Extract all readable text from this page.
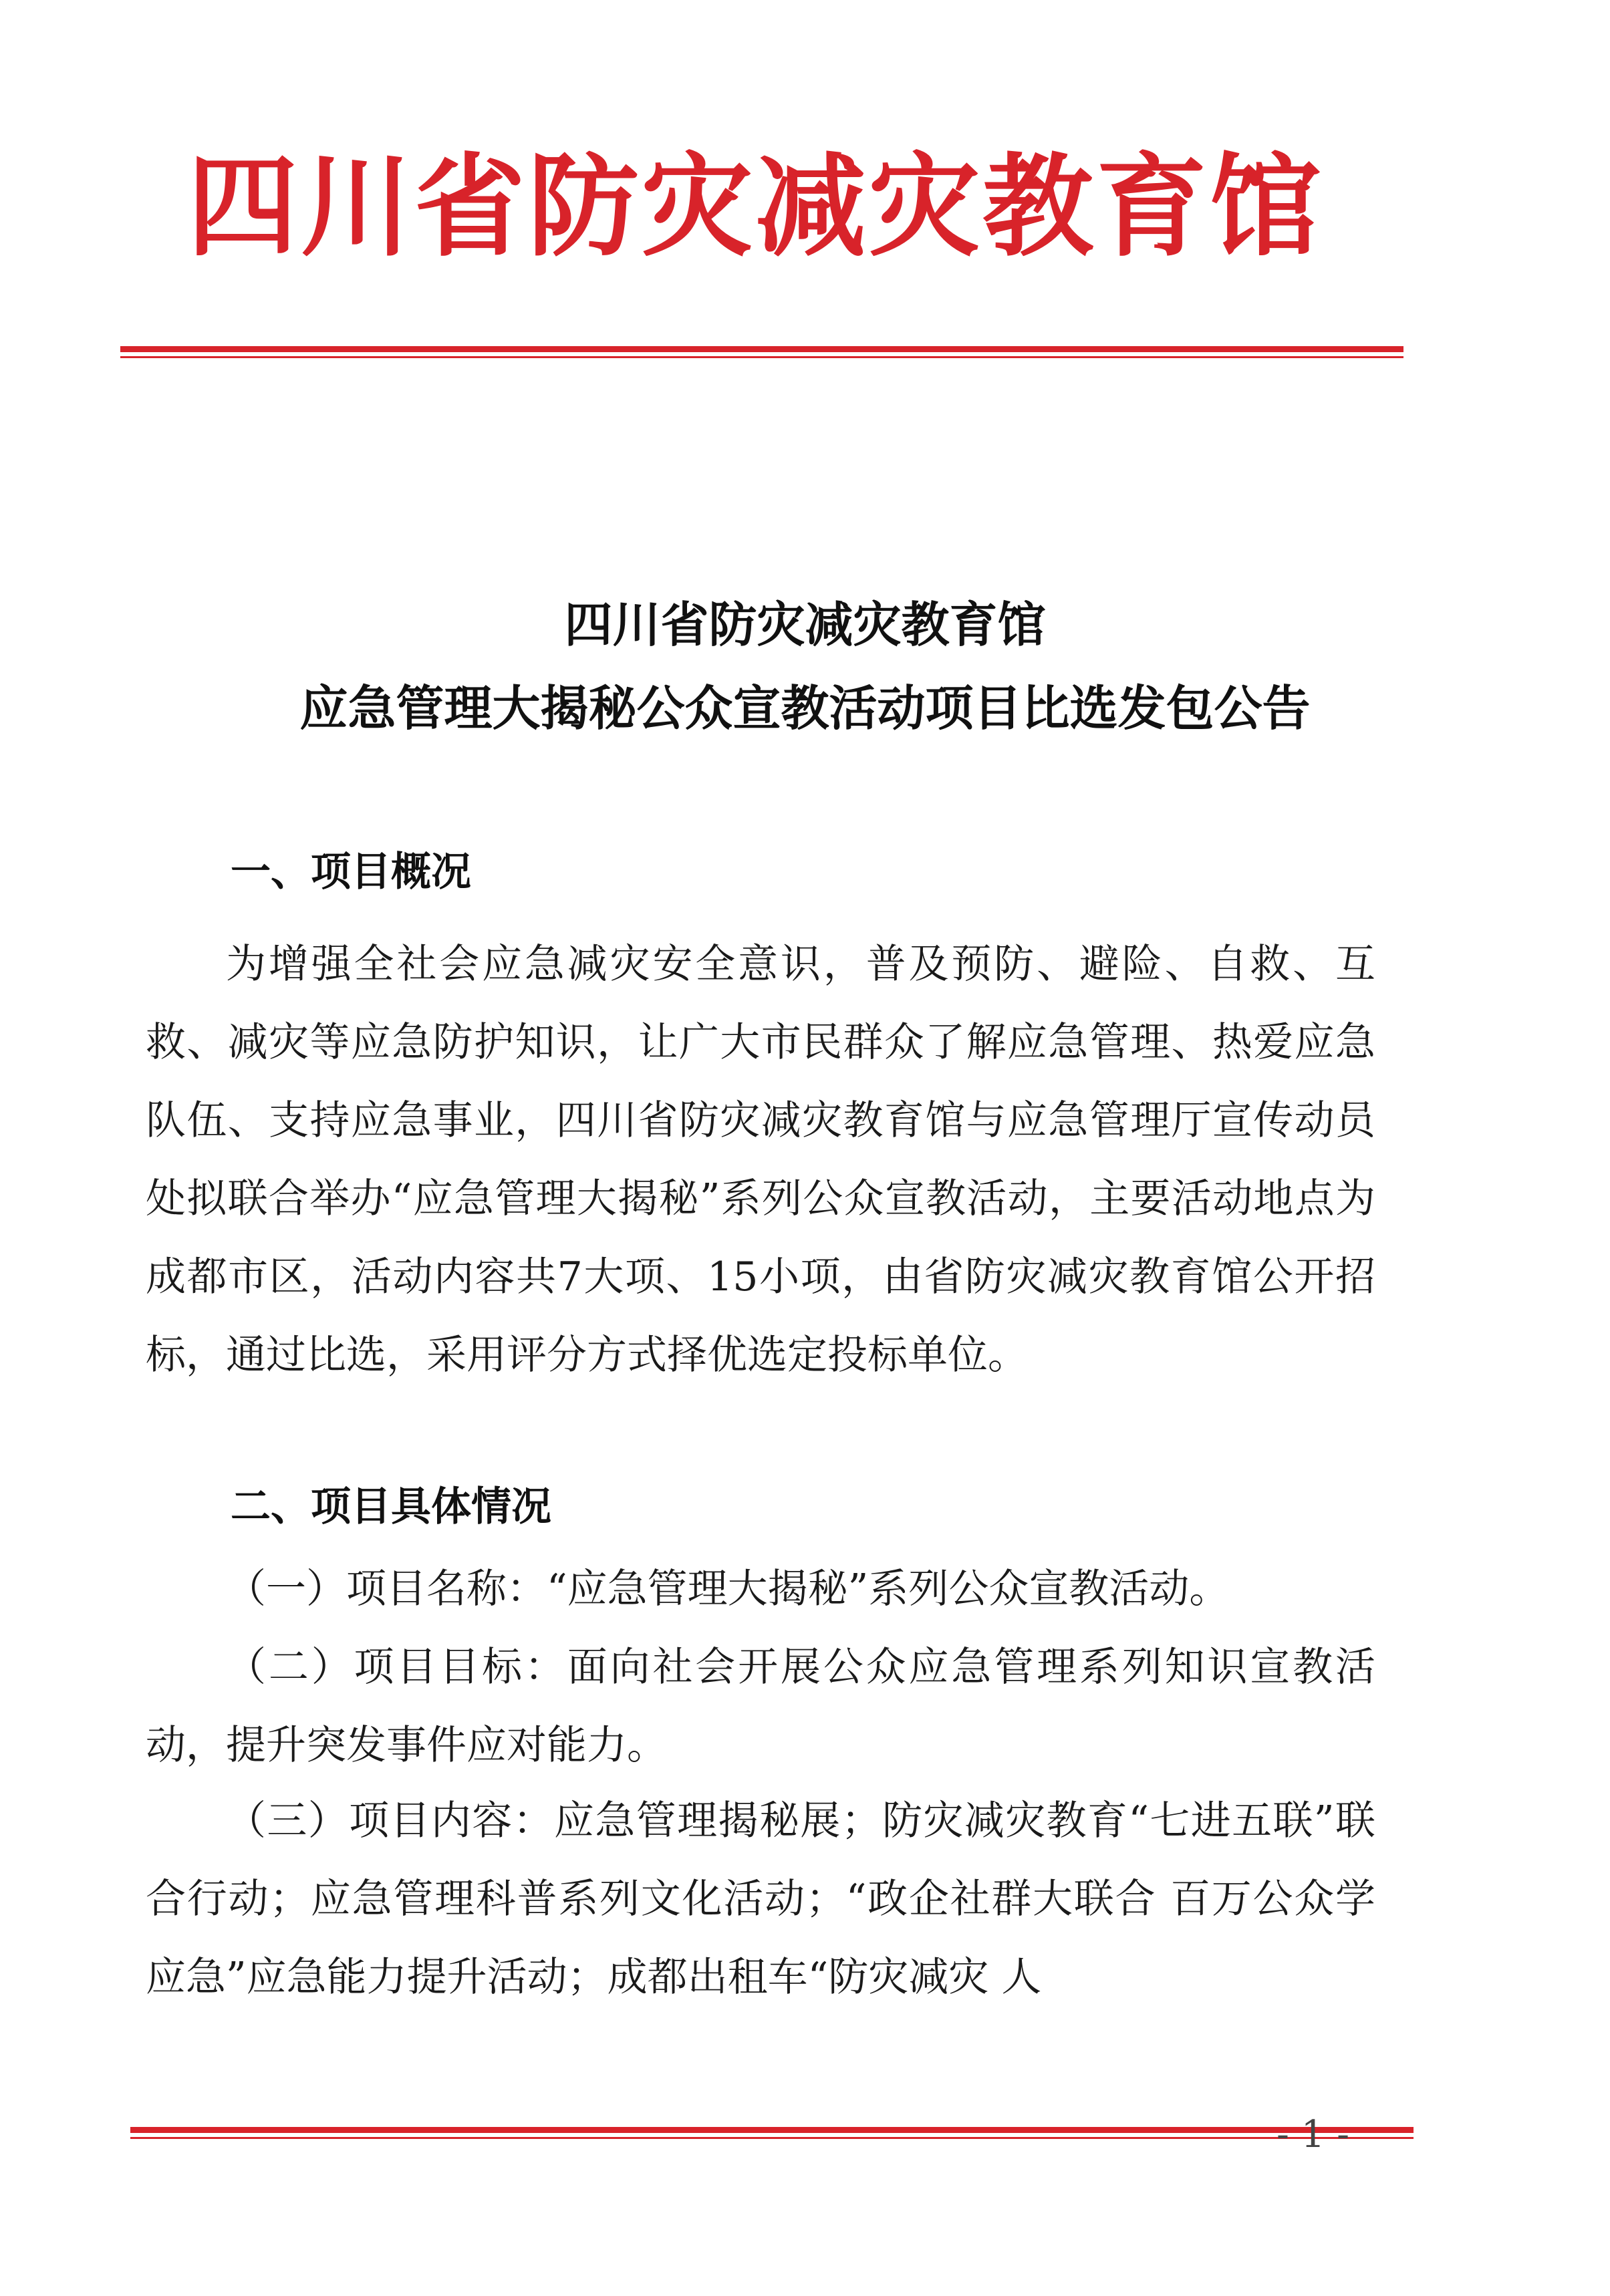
四川省防灾减灾教育馆
四川省防灾减灾教育馆
应急管理大揭秘公众宣教活动项目比选发包公告
一、项目概况

为增强全社会应急减灾安全意识，普及预防、避险、自救、互救、减灾等应急防护知识，让广大市民群众了解应急管理、热爱应急队伍、支持应急事业，四川省防灾减灾教育馆与应急管理厅宣传动员处拟联合举办“应急管理大揭秘”系列公众宣教活动，主要活动地点为成都市区，活动内容共7大项、15小项，由省防灾减灾教育馆公开招标，通过比选，采用评分方式择优选定投标单位。

二、项目具体情况

（一）项目名称：“应急管理大揭秘”系列公众宣教活动。

（二）项目目标：面向社会开展公众应急管理系列知识宣教活动，提升突发事件应对能力。

（三）项目内容：应急管理揭秘展；防灾减灾教育“七进五联”联合行动；应急管理科普系列文化活动；“政企社群大联合 百万公众学应急”应急能力提升活动；成都出租车“防灾减灾 人

- 1 -
